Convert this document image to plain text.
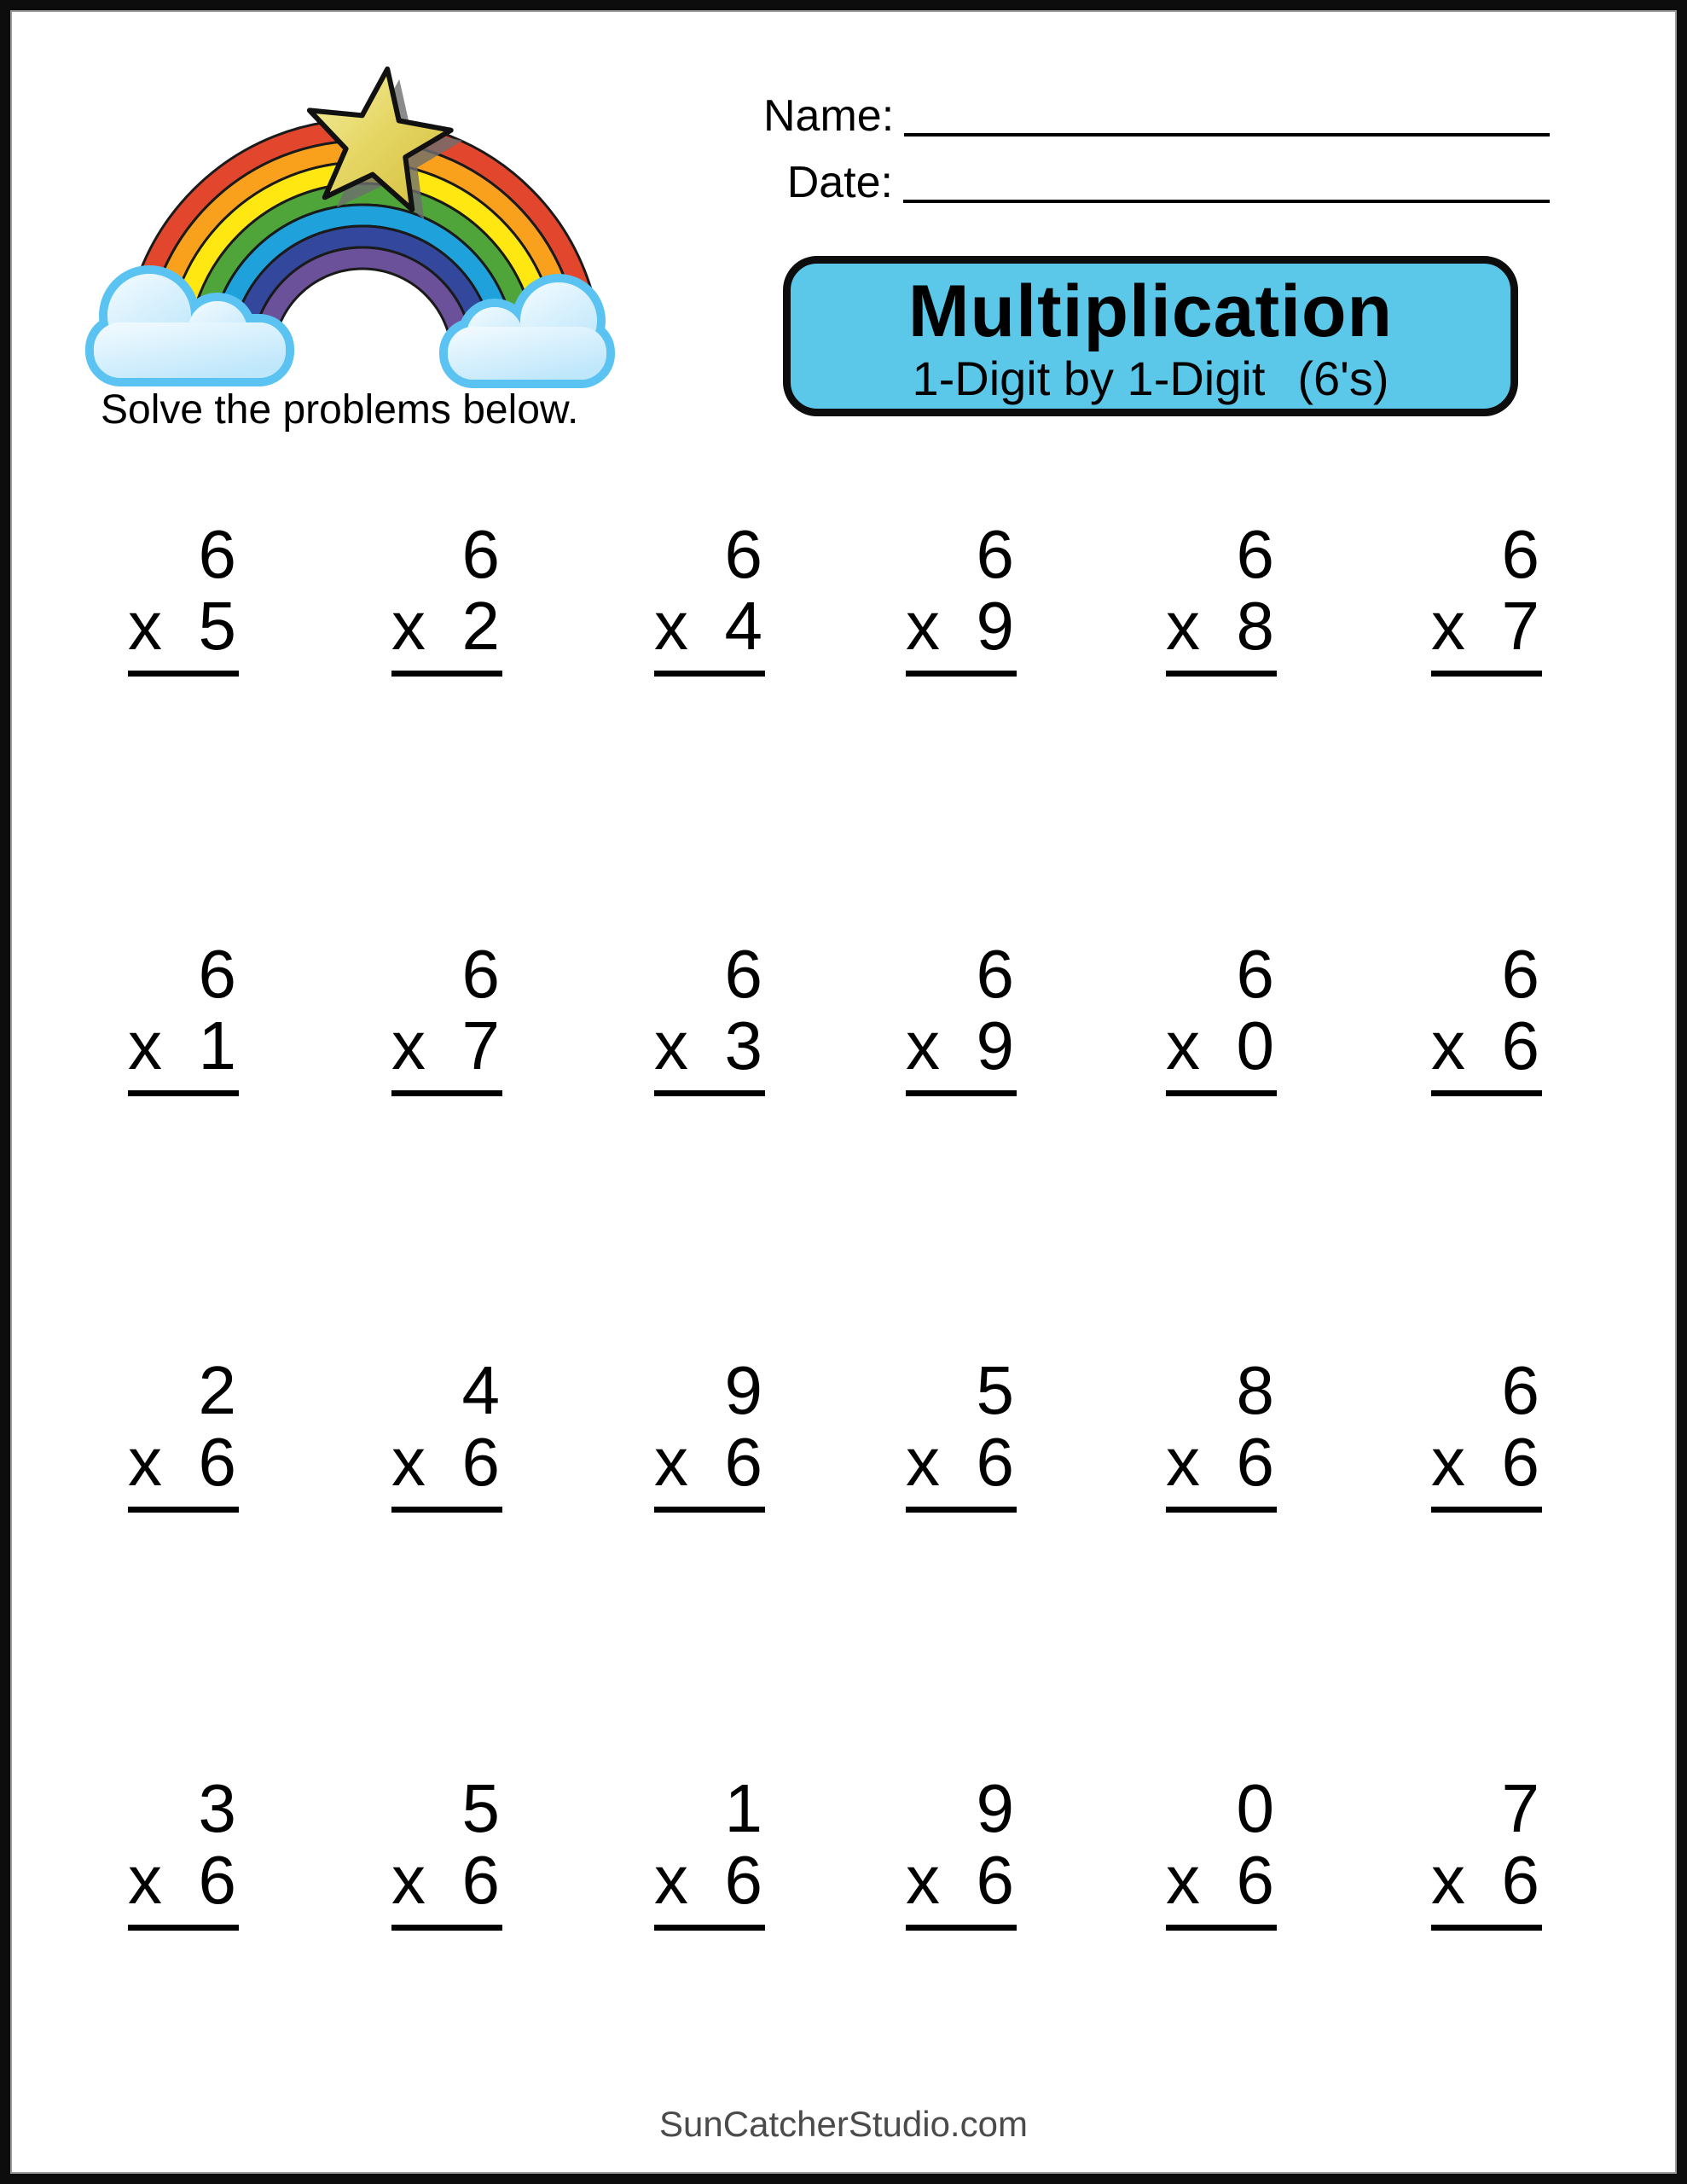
Solve the problems below.
Name:
Date:
Multiplication
1-Digit by 1-Digit (6's)
6
x 5
6
x 2
6
x 4
6
x 9
6
x 8
6
x 7
6
x 1
6
x 7
6
x 3
6
x 9
6
x 0
6
x 6
2
x 6
4
x 6
9
x 6
5
x 6
8
x 6
6
x 6
3
x 6
5
x 6
1
x 6
9
x 6
0
x 6
7
x 6
SunCatcherStudio.com
